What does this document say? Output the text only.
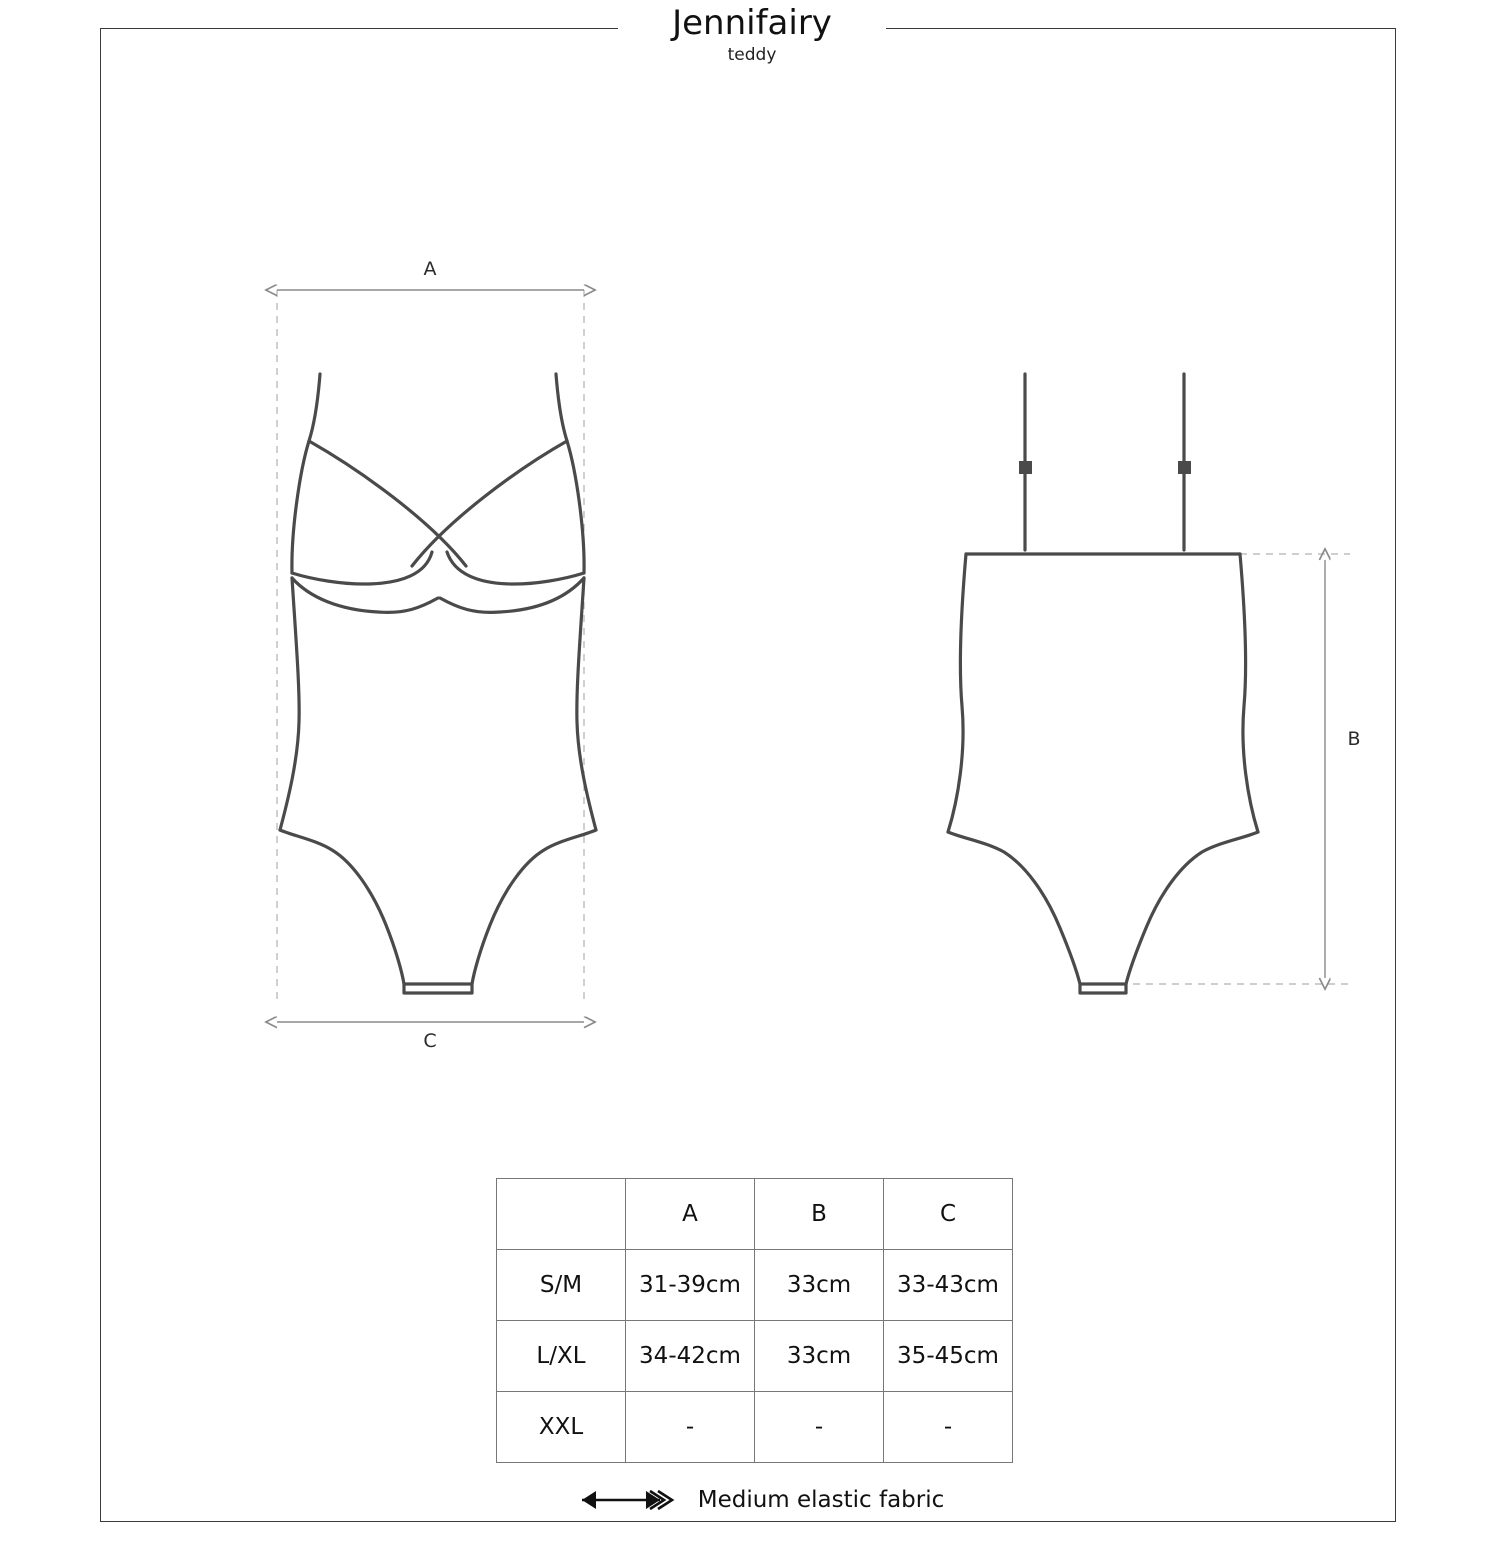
Jennifairy
teddy
A
C
B
	A	B	C
S/M	31-39cm	33cm	33-43cm
L/XL	34-42cm	33cm	35-45cm
XXL	-	-	-
Medium elastic fabric
